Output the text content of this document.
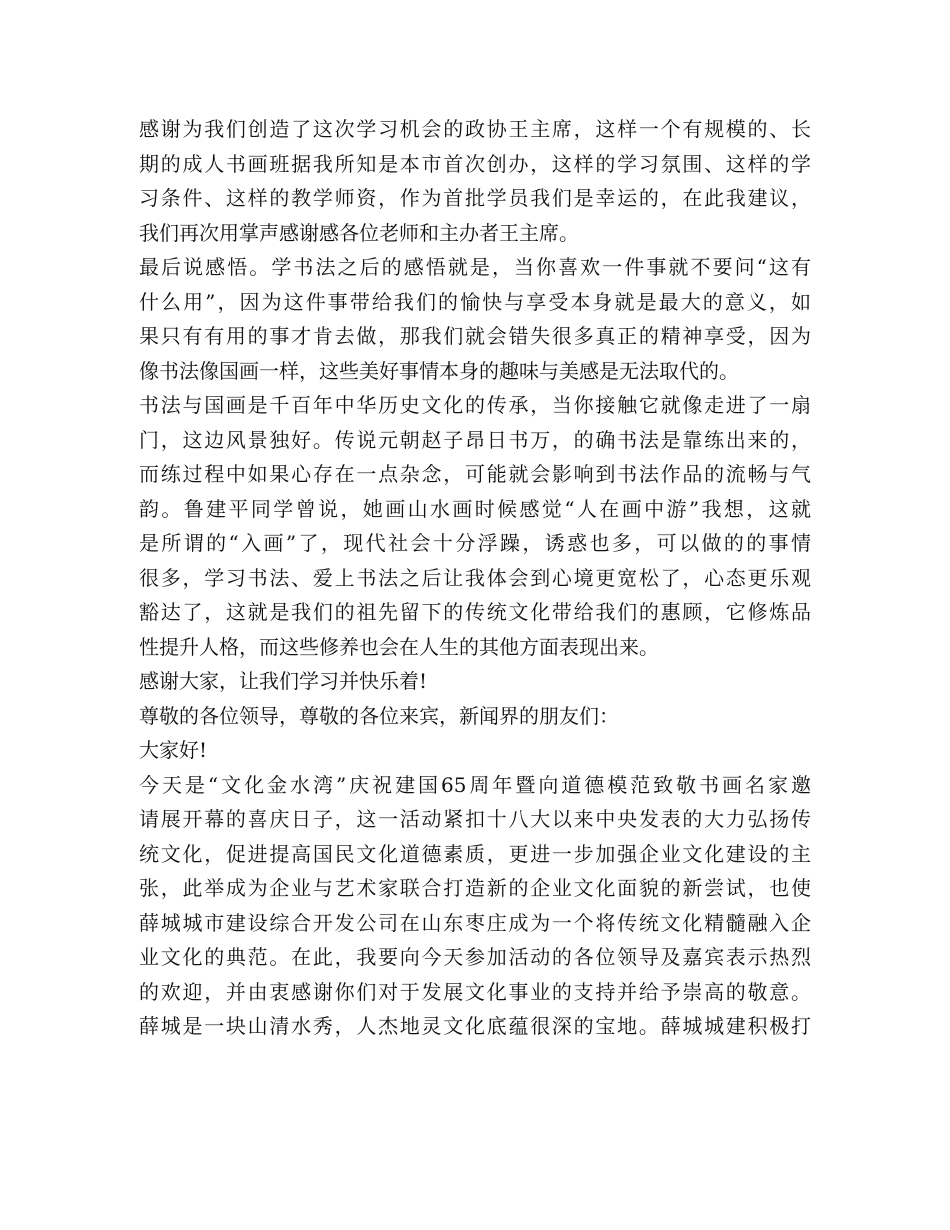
感谢为我们创造了这次学习机会的政协王主席，这样一个有规模的、长
期的成人书画班据我所知是本市首次创办，这样的学习氛围、这样的学
习条件、这样的教学师资，作为首批学员我们是幸运的，在此我建议，
我们再次用掌声感谢感各位老师和主办者王主席。
最后说感悟。学书法之后的感悟就是，当你喜欢一件事就不要问“这有
什么用”，因为这件事带给我们的愉快与享受本身就是最大的意义，如
果只有有用的事才肯去做，那我们就会错失很多真正的精神享受，因为
像书法像国画一样，这些美好事情本身的趣味与美感是无法取代的。
书法与国画是千百年中华历史文化的传承，当你接触它就像走进了一扇
门，这边风景独好。传说元朝赵子昂日书万，的确书法是靠练出来的，
而练过程中如果心存在一点杂念，可能就会影响到书法作品的流畅与气
韵。鲁建平同学曾说，她画山水画时候感觉“人在画中游”我想，这就
是所谓的“入画”了，现代社会十分浮躁，诱惑也多，可以做的的事情
很多，学习书法、爱上书法之后让我体会到心境更宽松了，心态更乐观
豁达了，这就是我们的祖先留下的传统文化带给我们的惠顾，它修炼品
性提升人格，而这些修养也会在人生的其他方面表现出来。
感谢大家，让我们学习并快乐着!
尊敬的各位领导，尊敬的各位来宾，新闻界的朋友们：
大家好!
今天是“文化金水湾”庆祝建国65周年暨向道德模范致敬书画名家邀
请展开幕的喜庆日子，这一活动紧扣十八大以来中央发表的大力弘扬传
统文化，促进提高国民文化道德素质，更进一步加强企业文化建设的主
张，此举成为企业与艺术家联合打造新的企业文化面貌的新尝试，也使
薛城城市建设综合开发公司在山东枣庄成为一个将传统文化精髓融入企
业文化的典范。在此，我要向今天参加活动的各位领导及嘉宾表示热烈
的欢迎，并由衷感谢你们对于发展文化事业的支持并给予崇高的敬意。
薛城是一块山清水秀，人杰地灵文化底蕴很深的宝地。薛城城建积极打
